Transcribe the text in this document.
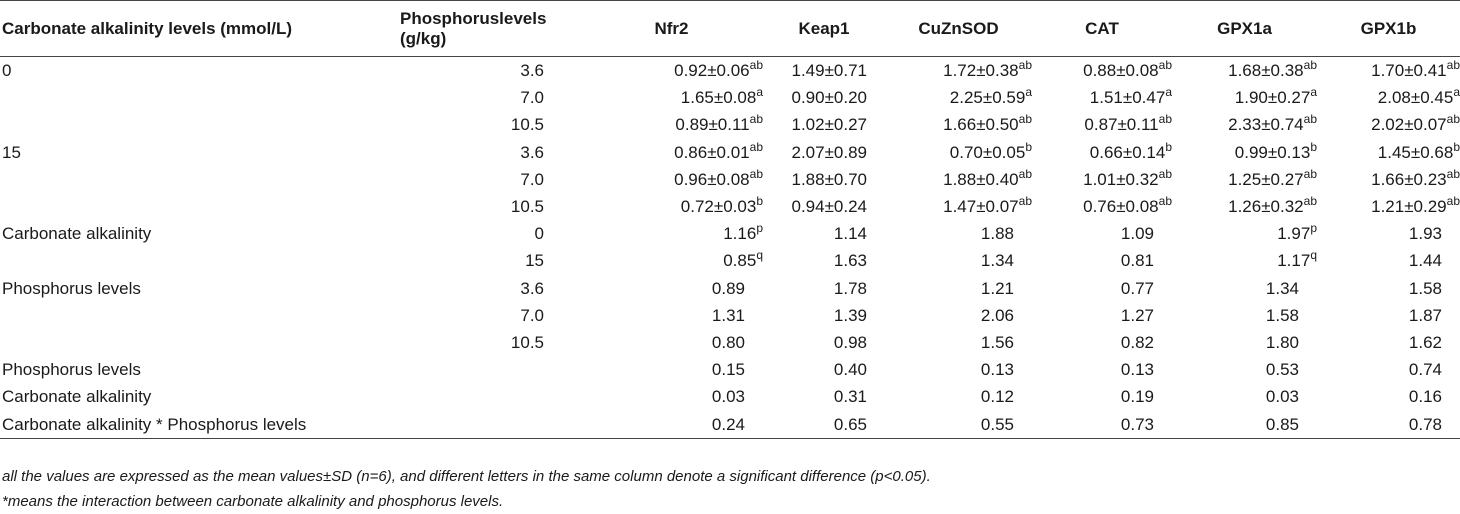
Carbonate alkalinity levels (mmol/L)	Phosphoruslevels (g/kg)	Nfr2	Keap1	CuZnSOD	CAT	GPX1a	GPX1b
0	3.6	0.92±0.06$^{ab}$	1.49±0.71	1.72±0.38$^{ab}$	0.88±0.08$^{ab}$	1.68±0.38$^{ab}$	1.70±0.41$^{ab}$
	7.0	1.65±0.08$^a$	0.90±0.20	2.25±0.59$^a$	1.51±0.47$^a$	1.90±0.27$^a$	2.08±0.45$^a$
	10.5	0.89±0.11$^{ab}$	1.02±0.27	1.66±0.50$^{ab}$	0.87±0.11$^{ab}$	2.33±0.74$^{ab}$	2.02±0.07$^{ab}$
15	3.6	0.86±0.01$^{ab}$	2.07±0.89	0.70±0.05$^b$	0.66±0.14$^b$	0.99±0.13$^b$	1.45±0.68$^b$
	7.0	0.96±0.08$^{ab}$	1.88±0.70	1.88±0.40$^{ab}$	1.01±0.32$^{ab}$	1.25±0.27$^{ab}$	1.66±0.23$^{ab}$
	10.5	0.72±0.03$^b$	0.94±0.24	1.47±0.07$^{ab}$	0.76±0.08$^{ab}$	1.26±0.32$^{ab}$	1.21±0.29$^{ab}$
Carbonate alkalinity	0	1.16$^p$	1.14	1.88	1.09	1.97$^p$	1.93
	15	0.85$^q$	1.63	1.34	0.81	1.17$^q$	1.44
Phosphorus levels	3.6	0.89	1.78	1.21	0.77	1.34	1.58
	7.0	1.31	1.39	2.06	1.27	1.58	1.87
	10.5	0.80	0.98	1.56	0.82	1.80	1.62
Phosphorus levels		0.15	0.40	0.13	0.13	0.53	0.74
Carbonate alkalinity		0.03	0.31	0.12	0.19	0.03	0.16
Carbonate alkalinity * Phosphorus levels		0.24	0.65	0.55	0.73	0.85	0.78
all the values are expressed as the mean values±SD (n=6), and different letters in the same column denote a significant difference (p<0.05).
*means the interaction between carbonate alkalinity and phosphorus levels.
